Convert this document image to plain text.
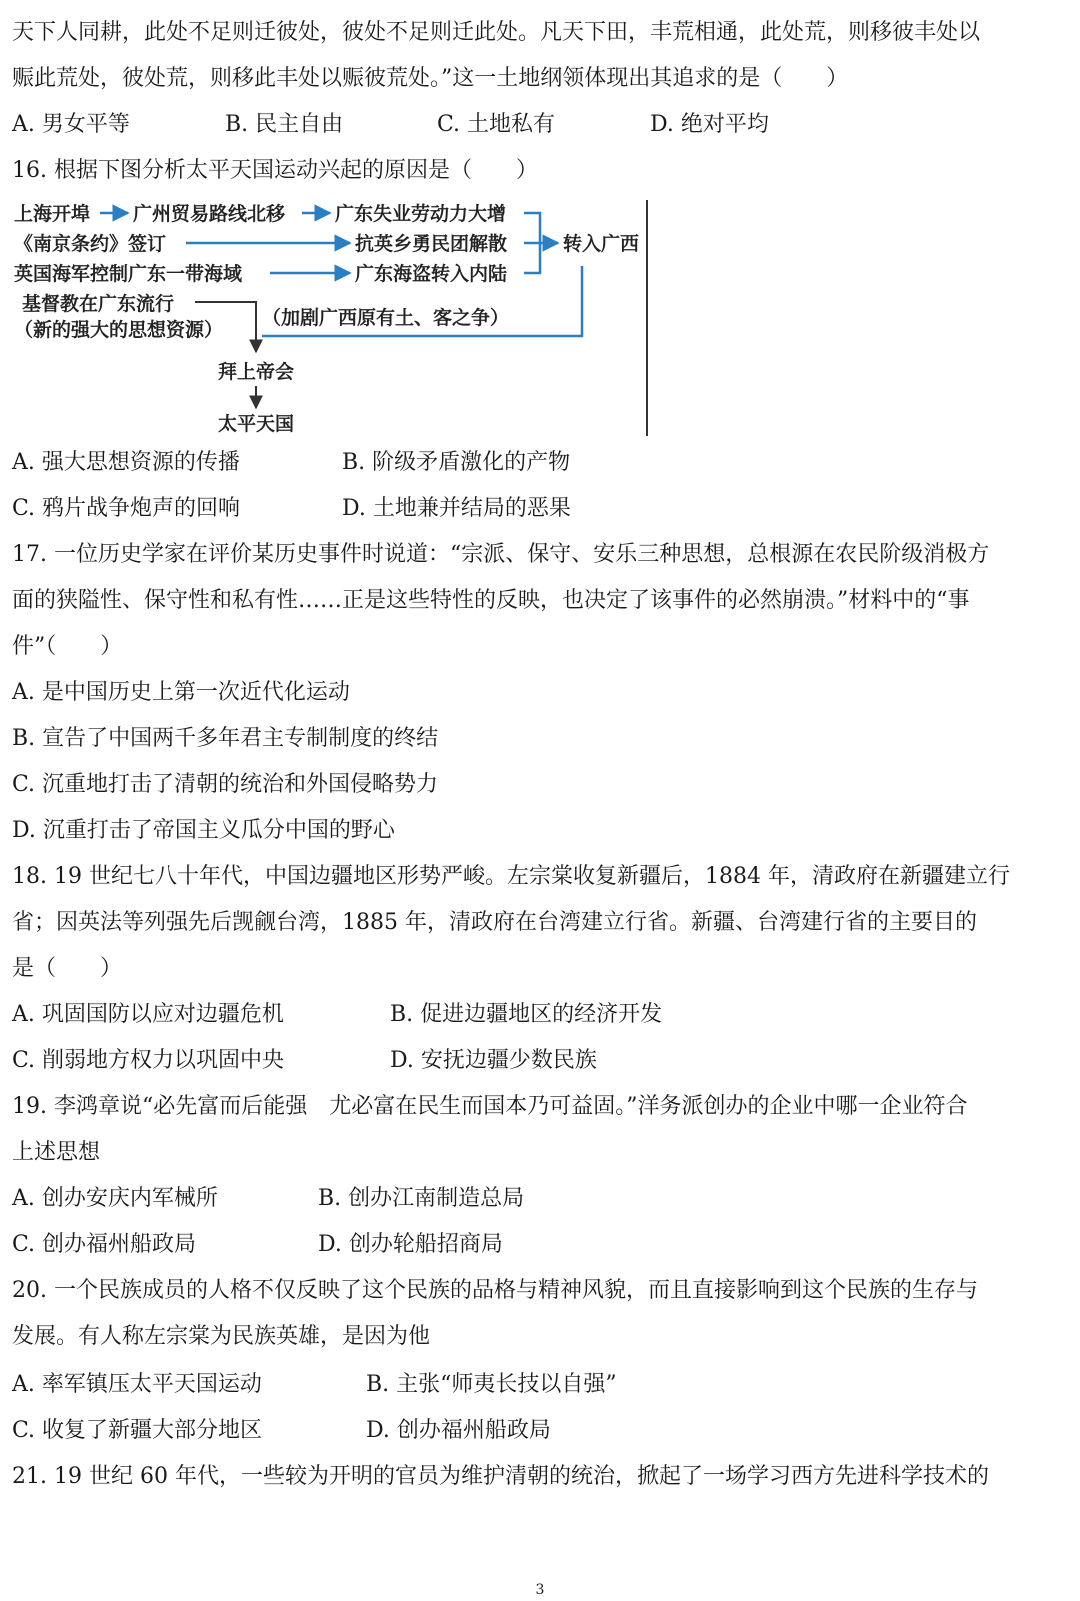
天下人同耕，此处不足则迁彼处，彼处不足则迁此处。凡天下田，丰荒相通，此处荒，则移彼丰处以
赈此荒处，彼处荒，则移此丰处以赈彼荒处。”这一土地纲领体现出其追求的是（　　）
A. 男女平等	B. 民主自由	C. 土地私有	D. 绝对平均
16. 根据下图分析太平天国运动兴起的原因是（　　）
上海开埠 广州贸易路线北移	广东失业劳动力大增
《南京条约》签订	抗英乡勇民团解散	转入广西
英国海军控制广东一带海域	广东海盗转入内陆
基督教在广东流行
（新的强大的思想资源）
（加剧广西原有土、客之争）
拜上帝会
太平天国
A. 强大思想资源的传播	B. 阶级矛盾激化的产物
C. 鸦片战争炮声的回响	D. 土地兼并结局的恶果
17. 一位历史学家在评价某历史事件时说道：“宗派、保守、安乐三种思想，总根源在农民阶级消极方
面的狭隘性、保守性和私有性……正是这些特性的反映，也决定了该事件的必然崩溃。”材料中的“事
件”（　　）
A. 是中国历史上第一次近代化运动
B. 宣告了中国两千多年君主专制制度的终结
C. 沉重地打击了清朝的统治和外国侵略势力
D. 沉重打击了帝国主义瓜分中国的野心
18. 19 世纪七八十年代，中国边疆地区形势严峻。左宗棠收复新疆后，1884 年，清政府在新疆建立行
省；因英法等列强先后觊觎台湾，1885 年，清政府在台湾建立行省。新疆、台湾建行省的主要目的
是（　　）
A. 巩固国防以应对边疆危机	B. 促进边疆地区的经济开发
C. 削弱地方权力以巩固中央	D. 安抚边疆少数民族
19. 李鸿章说“必先富而后能强　尤必富在民生而国本乃可益固。”洋务派创办的企业中哪一企业符合
上述思想
A. 创办安庆内军械所	B. 创办江南制造总局
C. 创办福州船政局	D. 创办轮船招商局
20. 一个民族成员的人格不仅反映了这个民族的品格与精神风貌，而且直接影响到这个民族的生存与
发展。有人称左宗棠为民族英雄，是因为他
A. 率军镇压太平天国运动	B. 主张“师夷长技以自强”
C. 收复了新疆大部分地区	D. 创办福州船政局
21. 19 世纪 60 年代，一些较为开明的官员为维护清朝的统治，掀起了一场学习西方先进科学技术的
3
